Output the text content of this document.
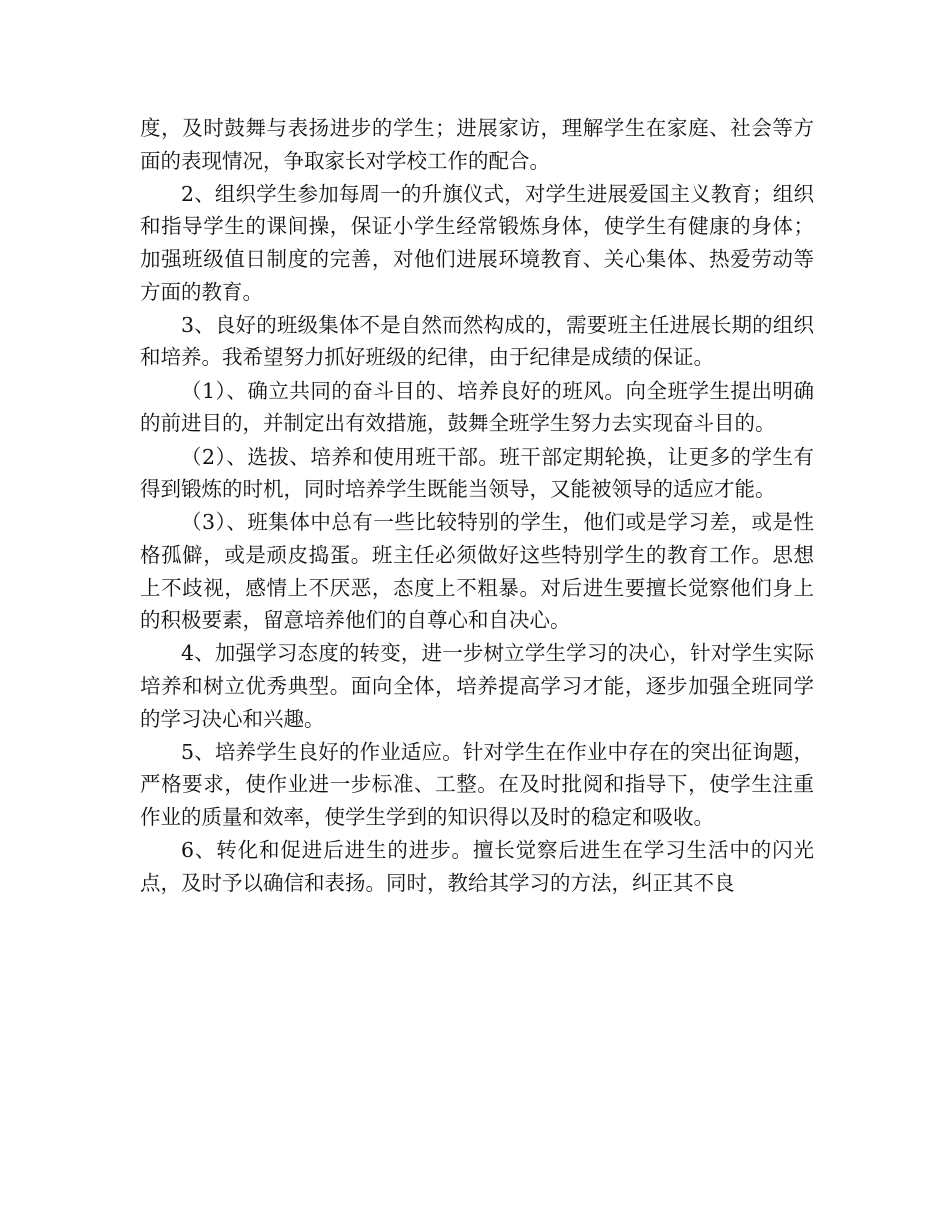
度，及时鼓舞与表扬进步的学生；进展家访，理解学生在家庭、社会等方面的表现情况，争取家长对学校工作的配合。

2、组织学生参加每周一的升旗仪式，对学生进展爱国主义教育；组织和指导学生的课间操，保证小学生经常锻炼身体，使学生有健康的身体；加强班级值日制度的完善，对他们进展环境教育、关心集体、热爱劳动等方面的教育。

3、良好的班级集体不是自然而然构成的，需要班主任进展长期的组织和培养。我希望努力抓好班级的纪律，由于纪律是成绩的保证。

（1）、确立共同的奋斗目的、培养良好的班风。向全班学生提出明确的前进目的，并制定出有效措施，鼓舞全班学生努力去实现奋斗目的。

（2）、选拔、培养和使用班干部。班干部定期轮换，让更多的学生有得到锻炼的时机，同时培养学生既能当领导，又能被领导的适应才能。

（3）、班集体中总有一些比较特别的学生，他们或是学习差，或是性格孤僻，或是顽皮捣蛋。班主任必须做好这些特别学生的教育工作。思想上不歧视，感情上不厌恶，态度上不粗暴。对后进生要擅长觉察他们身上的积极要素，留意培养他们的自尊心和自决心。

4、加强学习态度的转变，进一步树立学生学习的决心，针对学生实际培养和树立优秀典型。面向全体，培养提高学习才能，逐步加强全班同学的学习决心和兴趣。

5、培养学生良好的作业适应。针对学生在作业中存在的突出征询题，严格要求，使作业进一步标准、工整。在及时批阅和指导下，使学生注重作业的质量和效率，使学生学到的知识得以及时的稳定和吸收。

6、转化和促进后进生的进步。擅长觉察后进生在学习生活中的闪光点，及时予以确信和表扬。同时，教给其学习的方法，纠正其不良
